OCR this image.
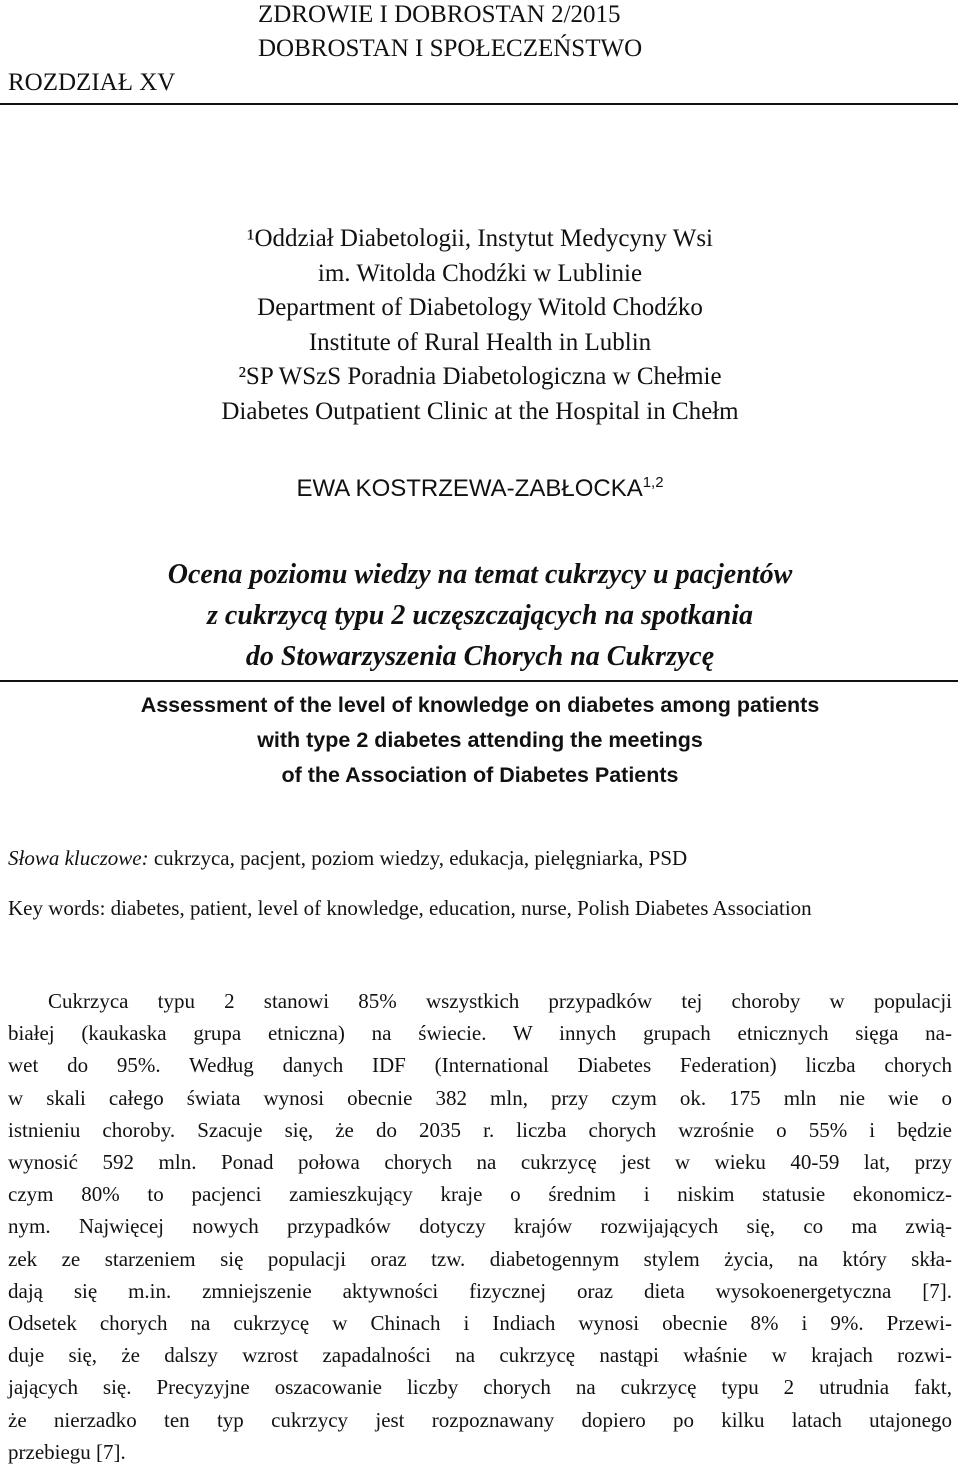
ZDROWIE I DOBROSTAN 2/2015
DOBROSTAN I SPOŁECZEŃSTWO
ROZDZIAŁ XV
¹Oddział Diabetologii, Instytut Medycyny Wsi
im. Witolda Chodźki w Lublinie
Department of Diabetology Witold Chodźko
Institute of Rural Health in Lublin
²SP WSzS Poradnia Diabetologiczna w Chełmie
Diabetes Outpatient Clinic at the Hospital in Chełm
EWA KOSTRZEWA-ZABŁOCKA$^{1,2}$
Ocena poziomu wiedzy na temat cukrzycy u pacjentów
z cukrzycą typu 2 uczęszczających na spotkania
do Stowarzyszenia Chorych na Cukrzycę
Assessment of the level of knowledge on diabetes among patients
with type 2 diabetes attending the meetings
of the Association of Diabetes Patients
Słowa kluczowe: cukrzyca, pacjent, poziom wiedzy, edukacja, pielęgniarka, PSD
Key words: diabetes, patient, level of knowledge, education, nurse, Polish Diabetes Association
Cukrzyca typu 2 stanowi 85% wszystkich przypadków tej choroby w populacji
białej (kaukaska grupa etniczna) na świecie. W innych grupach etnicznych sięga na-
wet do 95%. Według danych IDF (International Diabetes Federation) liczba chorych
w skali całego świata wynosi obecnie 382 mln, przy czym ok. 175 mln nie wie o
istnieniu choroby. Szacuje się, że do 2035 r. liczba chorych wzrośnie o 55% i będzie
wynosić 592 mln. Ponad połowa chorych na cukrzycę jest w wieku 40-59 lat, przy
czym 80% to pacjenci zamieszkujący kraje o średnim i niskim statusie ekonomicz-
nym. Najwięcej nowych przypadków dotyczy krajów rozwijających się, co ma zwią-
zek ze starzeniem się populacji oraz tzw. diabetogennym stylem życia, na który skła-
dają się m.in. zmniejszenie aktywności fizycznej oraz dieta wysokoenergetyczna [7].
Odsetek chorych na cukrzycę w Chinach i Indiach wynosi obecnie 8% i 9%. Przewi-
duje się, że dalszy wzrost zapadalności na cukrzycę nastąpi właśnie w krajach rozwi-
jających się. Precyzyjne oszacowanie liczby chorych na cukrzycę typu 2 utrudnia fakt,
że nierzadko ten typ cukrzycy jest rozpoznawany dopiero po kilku latach utajonego
przebiegu [7].
